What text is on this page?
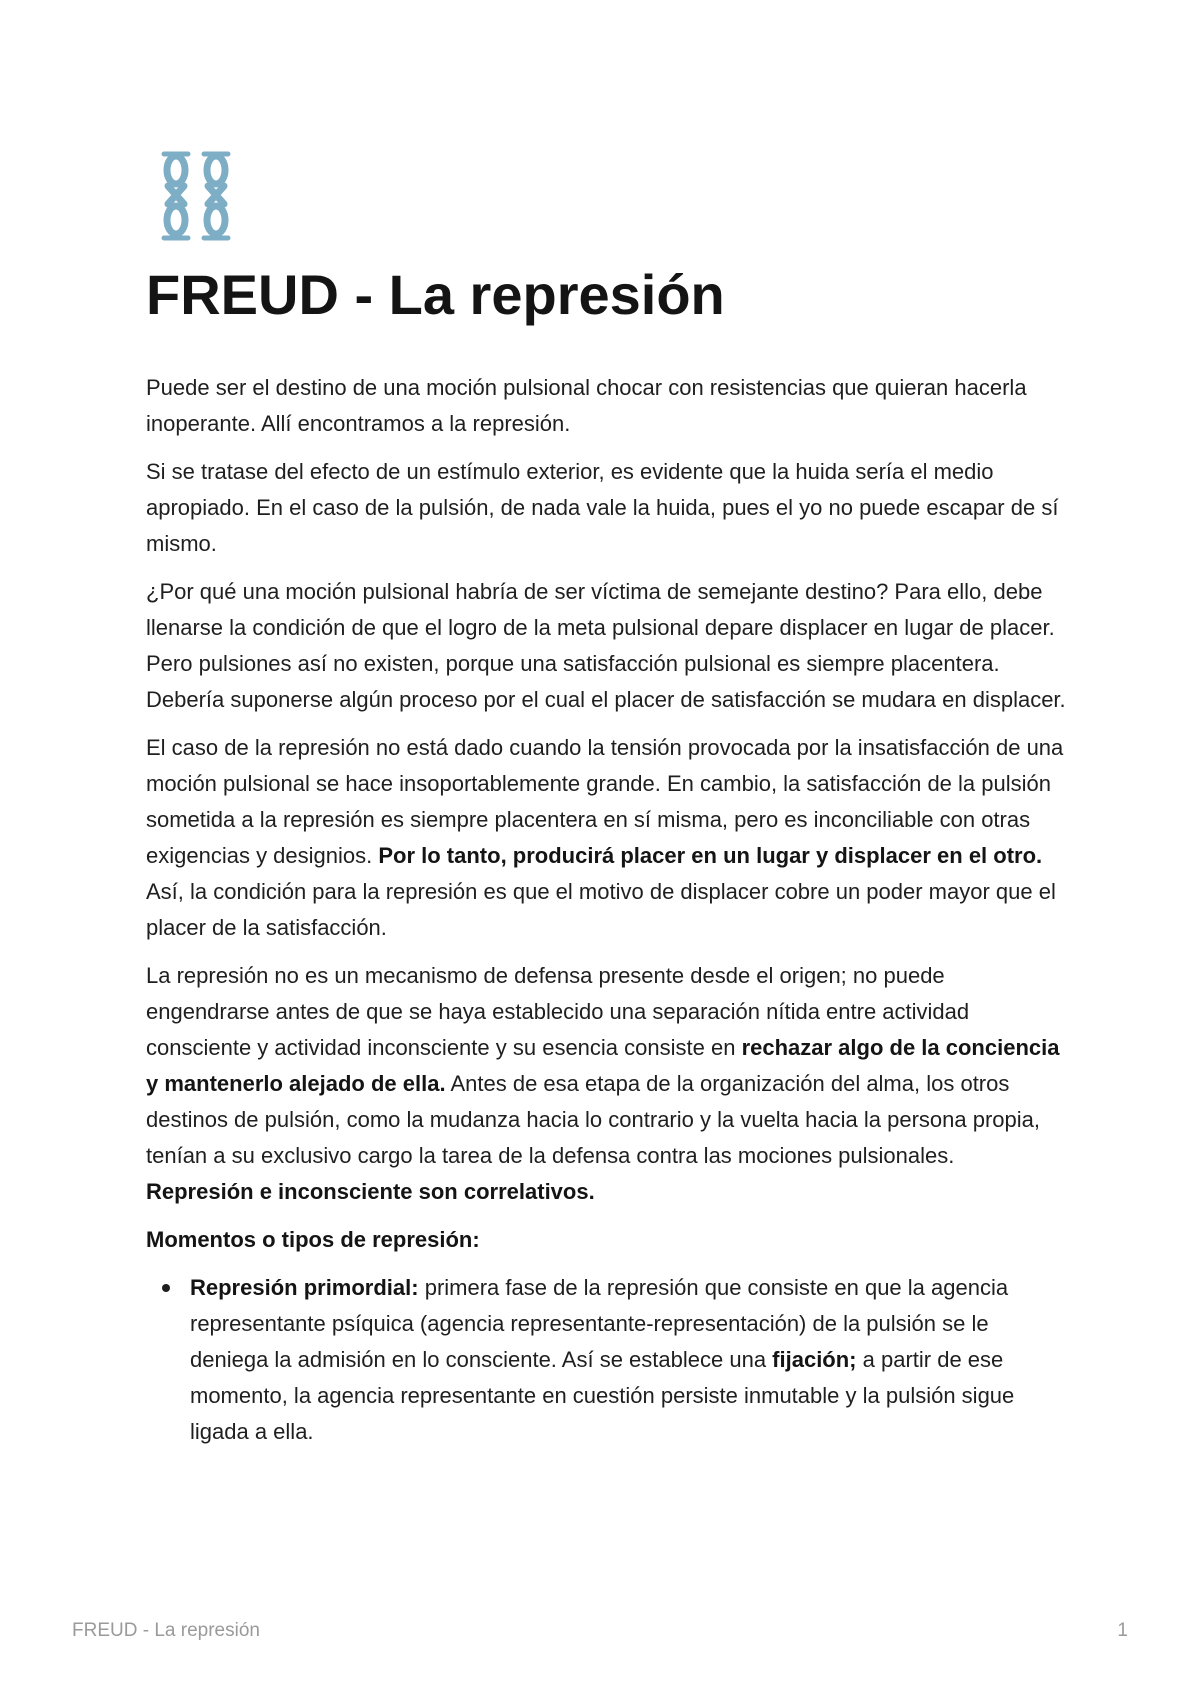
FREUD - La represión

Puede ser el destino de una moción pulsional chocar con resistencias que quieran hacerla inoperante. Allí encontramos a la represión.

Si se tratase del efecto de un estímulo exterior, es evidente que la huida sería el medio apropiado. En el caso de la pulsión, de nada vale la huida, pues el yo no puede escapar de sí mismo.

¿Por qué una moción pulsional habría de ser víctima de semejante destino? Para ello, debe llenarse la condición de que el logro de la meta pulsional depare displacer en lugar de placer. Pero pulsiones así no existen, porque una satisfacción pulsional es siempre placentera. Debería suponerse algún proceso por el cual el placer de satisfacción se mudara en displacer.

El caso de la represión no está dado cuando la tensión provocada por la insatisfacción de una moción pulsional se hace insoportablemente grande. En cambio, la satisfacción de la pulsión sometida a la represión es siempre placentera en sí misma, pero es inconciliable con otras exigencias y designios. Por lo tanto, producirá placer en un lugar y displacer en el otro. Así, la condición para la represión es que el motivo de displacer cobre un poder mayor que el placer de la satisfacción.

La represión no es un mecanismo de defensa presente desde el origen; no puede engendrarse antes de que se haya establecido una separación nítida entre actividad consciente y actividad inconsciente y su esencia consiste en rechazar algo de la conciencia y mantenerlo alejado de ella. Antes de esa etapa de la organización del alma, los otros destinos de pulsión, como la mudanza hacia lo contrario y la vuelta hacia la persona propia, tenían a su exclusivo cargo la tarea de la defensa contra las mociones pulsionales. Represión e inconsciente son correlativos.

Momentos o tipos de represión:

Represión primordial: primera fase de la represión que consiste en que la agencia representante psíquica (agencia representante-representación) de la pulsión se le deniega la admisión en lo consciente. Así se establece una fijación; a partir de ese momento, la agencia representante en cuestión persiste inmutable y la pulsión sigue ligada a ella.
FREUD - La represión	1
